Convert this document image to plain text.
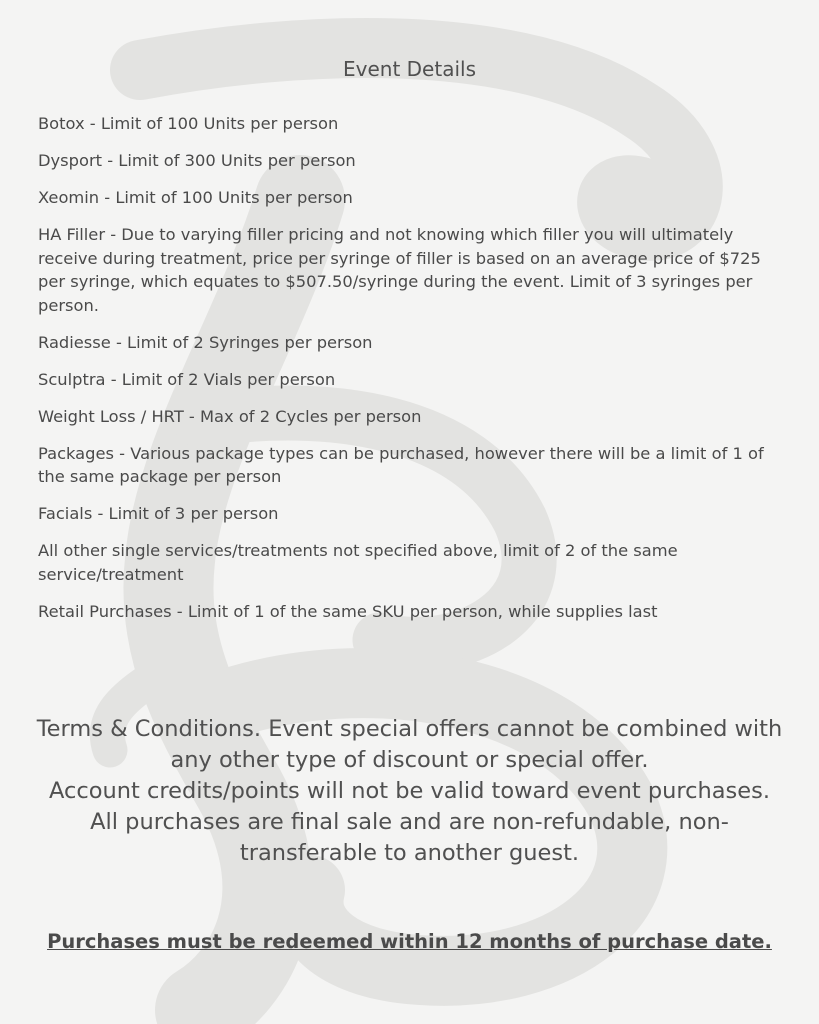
Event Details
Botox - Limit of 100 Units per person
Dysport - Limit of 300 Units per person
Xeomin - Limit of 100 Units per person
HA Filler - Due to varying filler pricing and not knowing which filler you will ultimately receive during treatment, price per syringe of filler is based on an average price of $725 per syringe, which equates to $507.50/syringe during the event. Limit of 3 syringes per person.
Radiesse - Limit of 2 Syringes per person
Sculptra - Limit of 2 Vials per person
Weight Loss / HRT - Max of 2 Cycles per person
Packages - Various package types can be purchased, however there will be a limit of 1 of the same package per person
Facials - Limit of 3 per person
All other single services/treatments not specified above, limit of 2 of the same service/treatment
Retail Purchases - Limit of 1 of the same SKU per person, while supplies last

Terms & Conditions. Event special offers cannot be combined with any other type of discount or special offer.

Account credits/points will not be valid toward event purchases.

All purchases are final sale and are non-refundable, non-transferable to another guest.

Purchases must be redeemed within 12 months of purchase date.
